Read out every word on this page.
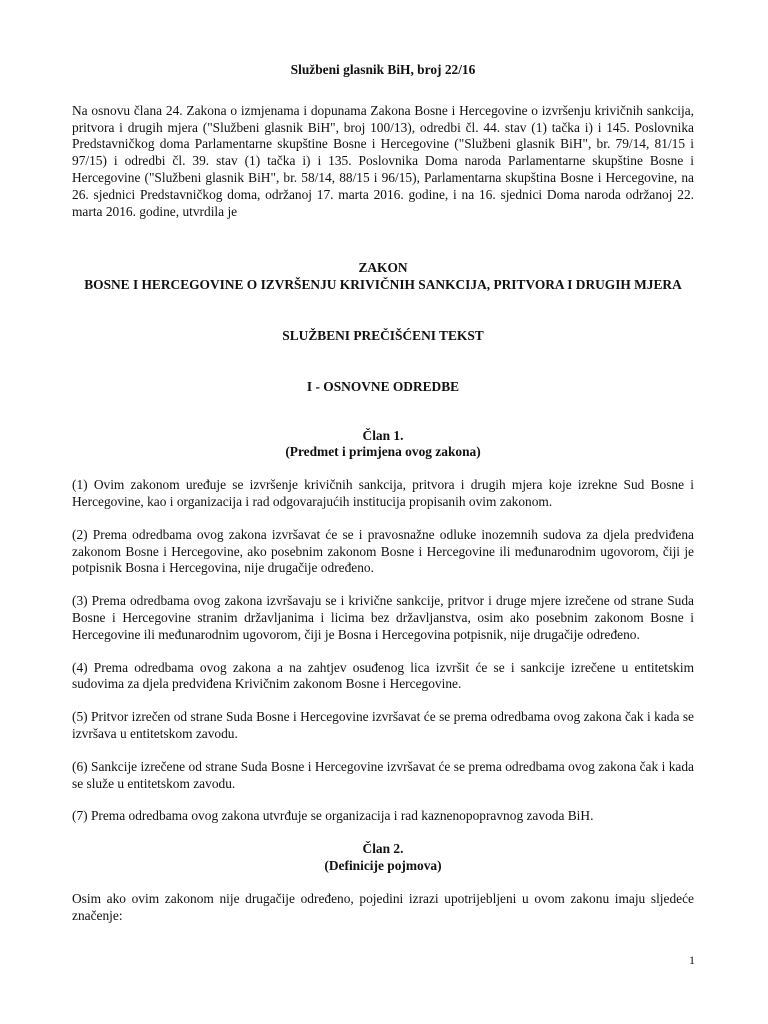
Službeni glasnik BiH, broj 22/16

Na osnovu člana 24. Zakona o izmjenama i dopunama Zakona Bosne i Hercegovine o izvršenju krivičnih sankcija, pritvora i drugih mjera ("Službeni glasnik BiH", broj 100/13), odredbi čl. 44. stav (1) tačka i) i 145. Poslovnika Predstavničkog doma Parlamentarne skupštine Bosne i Hercegovine ("Službeni glasnik BiH", br. 79/14, 81/15 i 97/15) i odredbi čl. 39. stav (1) tačka i) i 135. Poslovnika Doma naroda Parlamentarne skupštine Bosne i Hercegovine ("Službeni glasnik BiH", br. 58/14, 88/15 i 96/15), Parlamentarna skupština Bosne i Hercegovine, na 26. sjednici Predstavničkog doma, održanoj 17. marta 2016. godine, i na 16. sjednici Doma naroda održanoj 22. marta 2016. godine, utvrdila je

ZAKON
BOSNE I HERCEGOVINE O IZVRŠENJU KRIVIČNIH SANKCIJA, PRITVORA I DRUGIH MJERA
SLUŽBENI PREČIŠĆENI TEKST
I - OSNOVNE ODREDBE
Član 1.
(Predmet i primjena ovog zakona)

(1) Ovim zakonom uređuje se izvršenje krivičnih sankcija, pritvora i drugih mjera koje izrekne Sud Bosne i Hercegovine, kao i organizacija i rad odgovarajućih institucija propisanih ovim zakonom.

(2) Prema odredbama ovog zakona izvršavat će se i pravosnažne odluke inozemnih sudova za djela predviđena zakonom Bosne i Hercegovine, ako posebnim zakonom Bosne i Hercegovine ili međunarodnim ugovorom, čiji je potpisnik Bosna i Hercegovina, nije drugačije određeno.

(3) Prema odredbama ovog zakona izvršavaju se i krivične sankcije, pritvor i druge mjere izrečene od strane Suda Bosne i Hercegovine stranim državljanima i licima bez državljanstva, osim ako posebnim zakonom Bosne i Hercegovine ili međunarodnim ugovorom, čiji je Bosna i Hercegovina potpisnik, nije drugačije određeno.

(4) Prema odredbama ovog zakona a na zahtjev osuđenog lica izvršit će se i sankcije izrečene u entitetskim sudovima za djela predviđena Krivičnim zakonom Bosne i Hercegovine.

(5) Pritvor izrečen od strane Suda Bosne i Hercegovine izvršavat će se prema odredbama ovog zakona čak i kada se izvršava u entitetskom zavodu.

(6) Sankcije izrečene od strane Suda Bosne i Hercegovine izvršavat će se prema odredbama ovog zakona čak i kada se služe u entitetskom zavodu.

(7) Prema odredbama ovog zakona utvrđuje se organizacija i rad kaznenopopravnog zavoda BiH.

Član 2.
(Definicije pojmova)

Osim ako ovim zakonom nije drugačije određeno, pojedini izrazi upotrijebljeni u ovom zakonu imaju sljedeće značenje:

1
